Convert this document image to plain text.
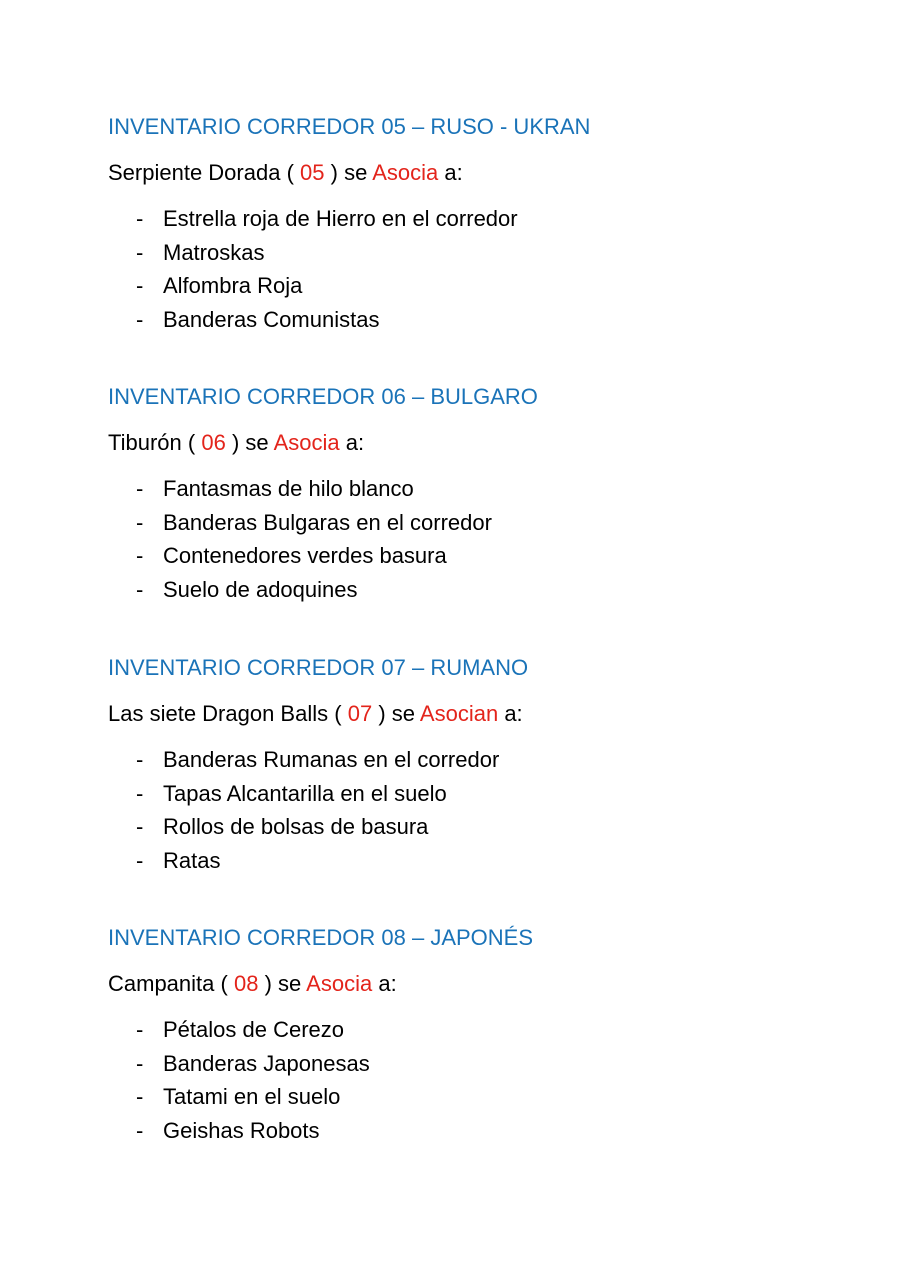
INVENTARIO CORREDOR 05 – RUSO - UKRAN
Serpiente Dorada ( 05 ) se Asocia a:
- Estrella roja de Hierro en el corredor
- Matroskas
- Alfombra Roja
- Banderas Comunistas
INVENTARIO CORREDOR 06 – BULGARO
Tiburón ( 06 ) se Asocia a:
- Fantasmas de hilo blanco
- Banderas Bulgaras en el corredor
- Contenedores verdes basura
- Suelo de adoquines
INVENTARIO CORREDOR 07 – RUMANO
Las siete Dragon Balls ( 07 ) se Asocian a:
- Banderas Rumanas en el corredor
- Tapas Alcantarilla en el suelo
- Rollos de bolsas de basura
- Ratas
INVENTARIO CORREDOR 08 – JAPONÉS
Campanita ( 08 ) se Asocia a:
- Pétalos de Cerezo
- Banderas Japonesas
- Tatami en el suelo
- Geishas Robots
